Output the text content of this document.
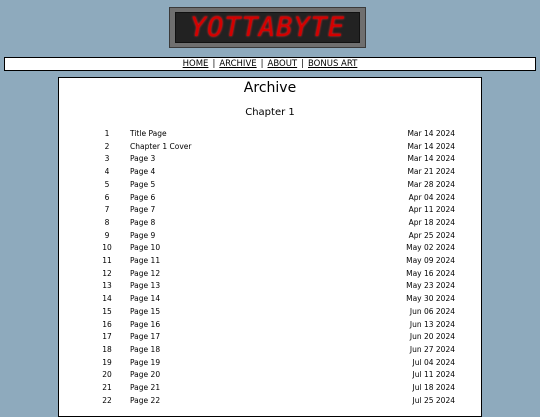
YOTTABYTE
HOME | ARCHIVE | ABOUT | BONUS ART
Archive
Chapter 1
1	Title Page	Mar 14 2024
2	Chapter 1 Cover	Mar 14 2024
3	Page 3	Mar 14 2024
4	Page 4	Mar 21 2024
5	Page 5	Mar 28 2024
6	Page 6	Apr 04 2024
7	Page 7	Apr 11 2024
8	Page 8	Apr 18 2024
9	Page 9	Apr 25 2024
10	Page 10	May 02 2024
11	Page 11	May 09 2024
12	Page 12	May 16 2024
13	Page 13	May 23 2024
14	Page 14	May 30 2024
15	Page 15	Jun 06 2024
16	Page 16	Jun 13 2024
17	Page 17	Jun 20 2024
18	Page 18	Jun 27 2024
19	Page 19	Jul 04 2024
20	Page 20	Jul 11 2024
21	Page 21	Jul 18 2024
22	Page 22	Jul 25 2024
